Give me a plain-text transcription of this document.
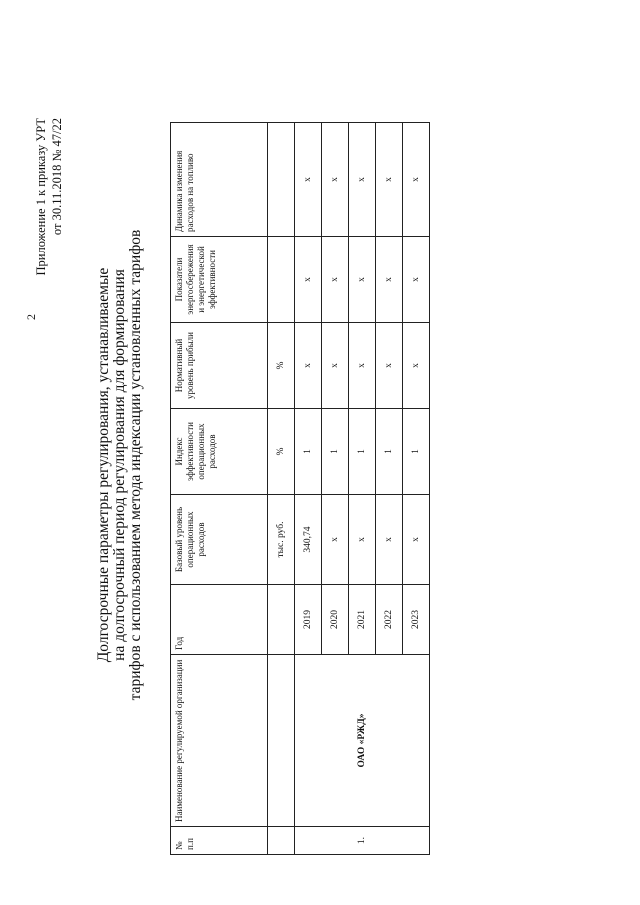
2
Приложение 1 к приказу УРТ от 30.11.2018 № 47/22
Долгосрочные параметры регулирования, устанавливаемые на долгосрочный период регулирования для формирования тарифов с использованием метода индексации установленных тарифов
№ п.п	Наименование регулируемой организации	Год	Базовый уровень операционных расходов	Индекс эффективности операционных расходов	Нормативный уровень прибыли	Показатели энергосбережения и энергетической эффективности	Динамика изменения расходов на топливо
			тыс. руб.	%	%		
1.	ОАО «РЖД»	2019	340,74	1	x	x	x
		2020	x	1	x	x	x
		2021	x	1	x	x	x
		2022	x	1	x	x	x
		2023	x	1	x	x	x
